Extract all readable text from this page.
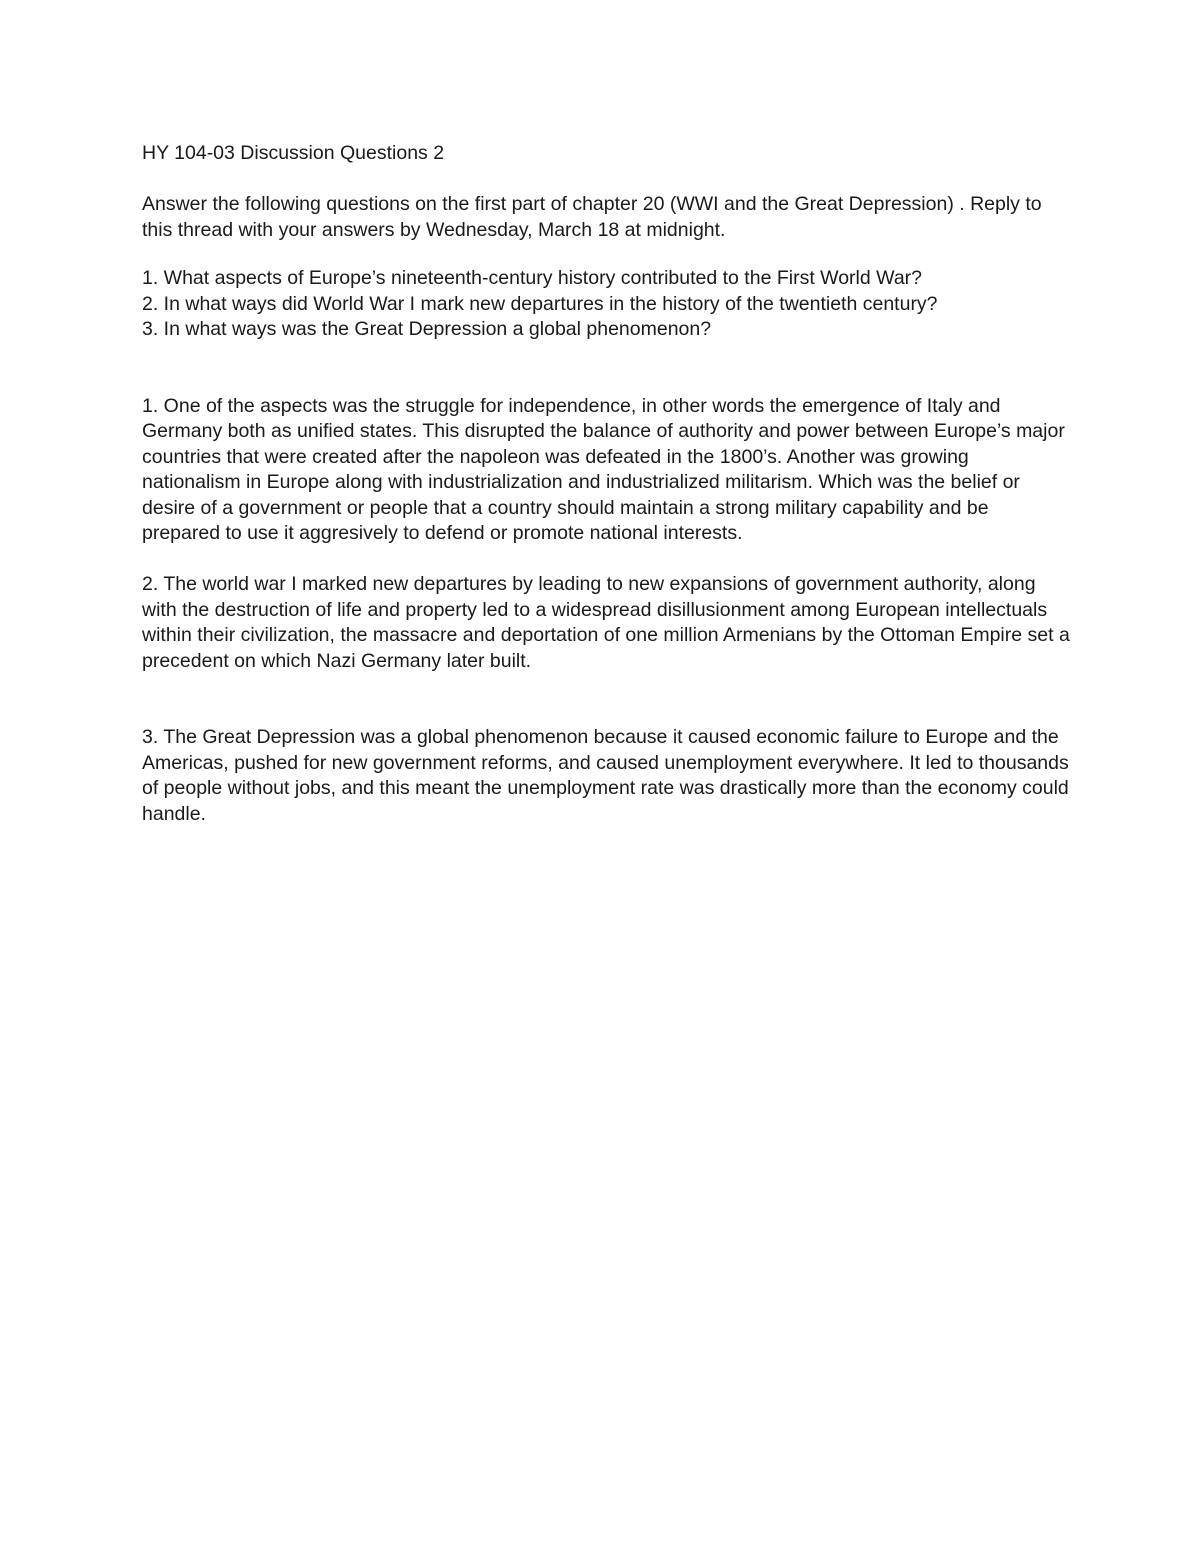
HY 104-03 Discussion Questions 2

Answer the following questions on the first part of chapter 20 (WWI and the Great Depression) . Reply to this thread with your answers by Wednesday, March 18 at midnight.

1. What aspects of Europe’s nineteenth-century history contributed to the First World War?
2. In what ways did World War I mark new departures in the history of the twentieth century?
3. In what ways was the Great Depression a global phenomenon?

1. One of the aspects was the struggle for independence, in other words the emergence of Italy and Germany both as unified states. This disrupted the balance of authority and power between Europe’s major countries that were created after the napoleon was defeated in the 1800’s. Another was growing nationalism in Europe along with industrialization and industrialized militarism. Which was the belief or desire of a government or people that a country should maintain a strong military capability and be prepared to use it aggresively to defend or promote national interests.

2. The world war I marked new departures by leading to new expansions of government authority, along with the destruction of life and property led to a widespread disillusionment among European intellectuals within their civilization, the massacre and deportation of one million Armenians by the Ottoman Empire set a precedent on which Nazi Germany later built.

3. The Great Depression was a global phenomenon because it caused economic failure to Europe and the Americas, pushed for new government reforms, and caused unemployment everywhere. It led to thousands of people without jobs, and this meant the unemployment rate was drastically more than the economy could handle.
